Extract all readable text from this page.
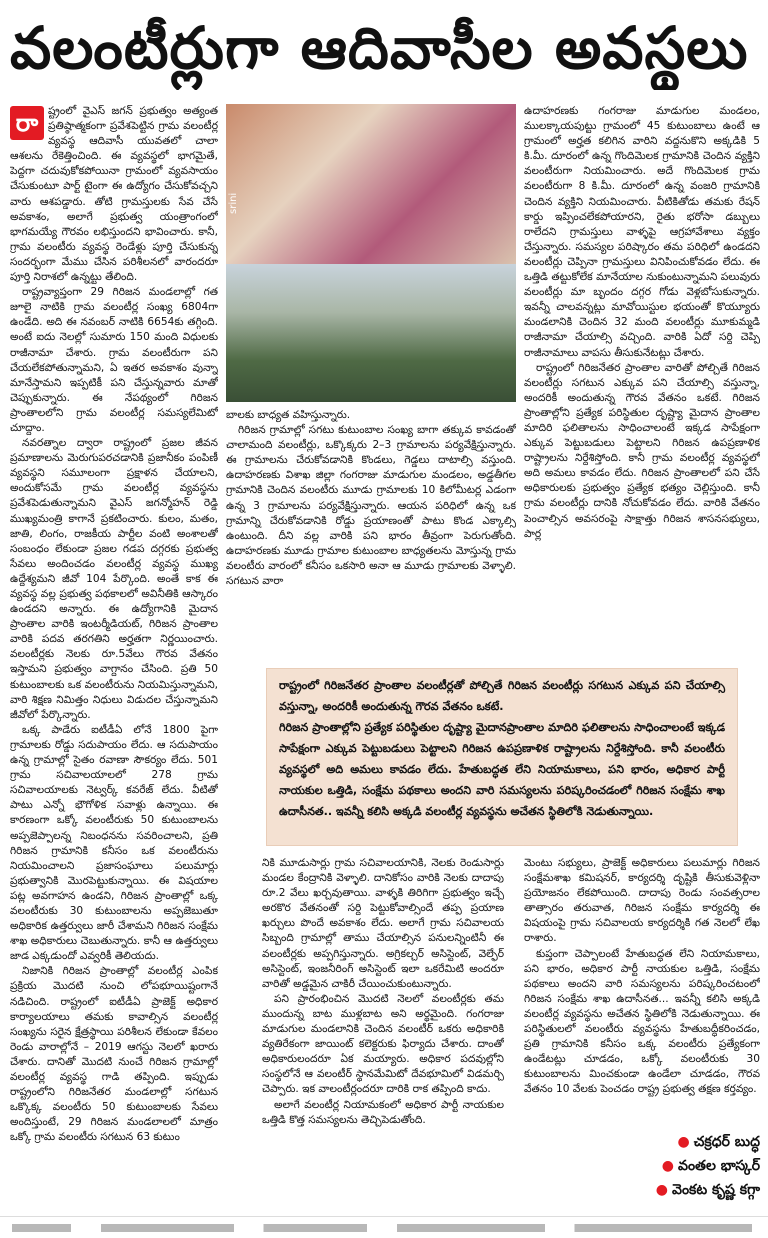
వలంటీర్లుగా ఆదివాసీల అవస్థలు
రా ష్ట్రంలో వైఎస్ జగన్ ప్రభుత్వం అత్యంత ప్రతిష్ఠాత్మకంగా ప్రవేశపెట్టిన గ్రామ వలంటీర్ల వ్యవస్థ ఆదివాసీ యువతలో చాలా ఆశలను రేకెత్తించింది. ఈ వ్యవస్థలో భాగమైతే, పెద్దగా చదువుకోకపోయినా గ్రామంలో వ్యవసాయం చేసుకుంటూ పార్ట్ టైంగా ఈ ఉద్యోగం చేసుకోవచ్చని వారు ఆశపడ్డారు. తోటి గ్రామస్తులకు సేవ చేసే అవకాశం, అలాగే ప్రభుత్వ యంత్రాంగంలో భాగమయ్యే గౌరవం లభిస్తుందని భావించారు. కానీ, గ్రామ వలంటీరు వ్యవస్థ రెండేళ్లు పూర్తి చేసుకున్న సందర్భంగా మేము చేసిన పరిశీలనలో వారందరూ పూర్తి నిరాశలో ఉన్నట్టు తేలింది.

రాష్ట్రవ్యాప్తంగా 29 గిరిజన మండలాల్లో గత జూలై నాటికి గ్రామ వలంటీర్ల సంఖ్య 6804గా ఉండేది. అది ఈ నవంబర్ నాటికి 6654కు తగ్గింది. అంటే ఐదు నెలల్లో సుమారు 150 మంది విధులకు రాజీనామా చేశారు. గ్రామ వలంటీరుగా పని చేయలేకపోతున్నామని, ఏ ఇతర అవకాశం వున్నా మానేస్తామని ఇప్పటికీ పని చేస్తున్నవారు మాతో చెప్పుకున్నారు. ఈ నేపథ్యంలో గిరిజన ప్రాంతాలలోని గ్రామ వలంటీర్ల సమస్యలేమిటో చూద్దాం.

నవరత్నాల ద్వారా రాష్ట్రంలో ప్రజల జీవన ప్రమాణాలను మెరుగుపరచడానికి ప్రజానీకం పంపిణీ వ్యవస్థని సమూలంగా ప్రక్షాళన చేయాలని, అందుకోసమే గ్రామ వలంటీర్ల వ్యవస్థను ప్రవేశపెడుతున్నామని వైఎస్ జగన్మోహన్ రెడ్డి ముఖ్యమంత్రి కాగానే ప్రకటించారు. కులం, మతం, జాతి, లింగం, రాజకీయ పార్టీల వంటి అంశాలతో సంబంధం లేకుండా ప్రజల గడప దగ్గరకు ప్రభుత్వ సేవలు అందించడం వలంటీర్ల వ్యవస్థ ముఖ్య ఉద్దేశ్యమని జీవో 104 పేర్కొంది. అంతే కాక ఈ వ్యవస్థ వల్ల ప్రభుత్వ పథకాలలో అవినీతికి ఆస్కారం ఉండదని అన్నారు. ఈ ఉద్యోగానికి మైదాన ప్రాంతాల వారికి ఇంటర్మీడియట్, గిరిజన ప్రాంతాల వారికి పదవ తరగతిని అర్హతగా నిర్ణయించారు. వలంటీర్లకు నెలకు రూ.5వేలు గౌరవ వేతనం ఇస్తామని ప్రభుత్వం వాగ్దానం చేసింది. ప్రతి 50 కుటుంబాలకు ఒక వలంటీరును నియమిస్తున్నామని, వారి శిక్షణ నిమిత్తం నిధులు విడుదల చేస్తున్నామని జీవోలో పేర్కొన్నారు.

ఒక్క పాడేరు ఐటీడీఏ లోనే 1800 పైగా గ్రామాలకు రోడ్డు సదుపాయం లేదు. ఆ సదుపాయం ఉన్న గ్రామాల్లో సైతం రవాణా సౌకర్యం లేదు. 501 గ్రామ సచివాలయాలలో 278 గ్రామ సచివాలయాలకు నెట్వర్క్ కవరేజ్ లేదు. వీటితో పాటు ఎన్నో భౌగోళిక సవాళ్లు ఉన్నాయి. ఈ కారణంగా ఒక్కో వలంటీరుకు 50 కుటుంబాలను అప్పజెప్పాలన్న నిబంధనను సవరించాలని, ప్రతి గిరిజన గ్రామానికి కనీసం ఒక వలంటీరును నియమించాలని ప్రజాసంఘాలు పలుమార్లు ప్రభుత్వానికి మొరపెట్టుకున్నాయి. ఈ విషయాల పట్ల అవగాహన ఉండని, గిరిజన ప్రాంతాల్లో ఒక్క వలంటీరుకు 30 కుటుంబాలను అప్పజెబుతూ అధికారిక ఉత్తర్వులు జారీ చేశామని గిరిజన సంక్షేమ శాఖ అధికారులు చెబుతున్నారు. కానీ ఆ ఉత్తర్వులు జాడ ఎక్కడుందో ఎవ్వరికీ తెలియదు.

నిజానికి గిరిజన ప్రాంతాల్లో వలంటీర్ల ఎంపిక ప్రక్రియ మొదటి నుంచి లోపభూయిష్టంగానే నడిచింది. రాష్ట్రంలో ఐటీడీఏ ప్రాజెక్ట్ అధికార కార్యాలయాలు తమకు కావాల్సిన వలంటీర్ల సంఖ్యను సరైన క్షేత్రస్థాయి పరిశీలన లేకుండా కేవలం రెండు వారాల్లోనే – 2019 ఆగస్టు నెలలో ఖరారు చేశారు. దానితో మొదటి నుంచే గిరిజన గ్రామాల్లో వలంటీర్ల వ్యవస్థ గాడి తప్పింది. ఇప్పుడు రాష్ట్రంలోని గిరిజనేతర మండలాల్లో సగటున ఒక్కొక్క వలంటీరు 50 కుటుంబాలకు సేవలు అందిస్తుంటే, 29 గిరిజన మండలాలలో మాత్రం ఒక్కో గ్రామ వలంటీరు సగటున 63 కుటుం

srini

బాలకు బాధ్యత వహిస్తున్నారు.

గిరిజన గ్రామాల్లో సగటు కుటుంబాల సంఖ్య బాగా తక్కువ కావడంతో చాలామంది వలంటీర్లు, ఒక్కొక్కరు 2–3 గ్రామాలను పర్యవేక్షిస్తున్నారు. ఈ గ్రామాలను చేరుకోవడానికి కొండలు, గెడ్డలు దాటాల్సి వస్తుంది. ఉదాహరణకు విశాఖ జిల్లా గంగరాజు మాడుగుల మండలం, అడ్డతీగల గ్రామానికి చెందిన వలంటీరు మూడు గ్రామాలకు 10 కిలోమీటర్ల ఎడంగా ఉన్న 3 గ్రామాలను పర్యవేక్షిస్తున్నారు. ఆయన పరిధిలో ఉన్న ఒక గ్రామాన్ని చేరుకోవడానికి రోడ్డు ప్రయాణంతో పాటు కొండ ఎక్కాల్సి ఉంటుంది. దీని వల్ల వారికి పని భారం తీవ్రంగా పెరుగుతోంది. ఉదాహరణకు మూడు గ్రామాల కుటుంబాల బాధ్యతలను మోస్తున్న గ్రామ వలంటీరు వారంలో కనీసం ఒకసారి అనా ఆ మూడు గ్రామాలకు వెళ్ళాలి. సగటున వారా

ఉదాహరణకు గంగరాజు మాడుగుల మండలం, ములక్కాయపుట్టు గ్రామంలో 45 కుటుంబాలు ఉంటే ఆ గ్రామంలో అర్హత కలిగిన వారిని వద్దనుకొని అక్కడికి 5 కి.మీ. దూరంలో ఉన్న గొందిమెలక గ్రామానికి చెందిన వ్యక్తిని వలంటీరుగా నియమించారు. అదే గొందిమెలక గ్రామ వలంటీరుగా 8 కి.మీ. దూరంలో ఉన్న వంజరి గ్రామానికి చెందిన వ్యక్తిని నియమించారు. వీటికితోడు తమకు రేషన్ కార్డు ఇప్పించలేకపోయారని, రైతు భరోసా డబ్బులు రాలేదని గ్రామస్తులు వాళ్ళపై ఆగ్రహావేశాలు వ్యక్తం చేస్తున్నారు. సమస్యల పరిష్కారం తమ పరిధిలో ఉండదని వలంటీర్లు చెప్పినా గ్రామస్తులు వినిపించుకోవడం లేదు. ఈ ఒత్తిడి తట్టుకోలేక మానేయాల నుకుంటున్నామని పలువురు వలంటీర్లు మా బృందం దగ్గర గోడు వెళ్లబోసుకున్నారు. ఇవన్నీ చాలవన్నట్లు మావోయిస్టుల భయంతో కొయ్యూరు మండలానికి చెందిన 32 మంది వలంటీర్లు మూకుమ్మడి రాజీనామా చేయాల్సి వచ్చింది. వారికి ఏదో సర్ది చెప్పి రాజీనామాలు వాపసు తీసుకునేటట్లు చేశారు.

రాష్ట్రంలో గిరిజనేతర ప్రాంతాల వారితో పోల్చితే గిరిజన వలంటీర్లు సగటున ఎక్కువ పని చేయాల్సి వస్తున్నా, అందరికీ అందుతున్న గౌరవ వేతనం ఒకటే. గిరిజన ప్రాంతాల్లోని ప్రత్యేక పరిస్థితుల దృష్ట్యా మైదాన ప్రాంతాల మాదిరి ఫలితాలను సాధించాలంటే ఇక్కడ సాపేక్షంగా ఎక్కువ పెట్టుబడులు పెట్టాలని గిరిజన ఉపప్రణాళిక రాష్ట్రాలను నిర్దేశిస్తోంది. కానీ గ్రామ వలంటీర్ల వ్యవస్థలో అది అమలు కావడం లేదు. గిరిజన ప్రాంతాలలో పని చేసే అధికారులకు ప్రభుత్వం ప్రత్యేక భత్యం చెల్లిస్తుంది. కానీ గ్రామ వలంటీర్లు దానికి నోచుకోవడం లేదు. వారికి వేతనం పెంచాల్సిన అవసరంపై సాక్షాత్తు గిరిజన శాసనసభ్యులు, పార్ల

రాష్ట్రంలో గిరిజనేతర ప్రాంతాల వలంటీర్లతో పోల్చితే గిరిజన వలంటీర్లు సగటున ఎక్కువ పని చేయాల్సి వస్తున్నా, అందరికీ అందుతున్న గౌరవ వేతనం ఒకటే.

గిరిజన ప్రాంతాల్లోని ప్రత్యేక పరిస్థితుల దృష్ట్యా మైదానప్రాంతాల మాదిరి ఫలితాలను సాధించాలంటే ఇక్కడ సాపేక్షంగా ఎక్కువ పెట్టుబడులు పెట్టాలని గిరిజన ఉపప్రణాళిక రాష్ట్రాలను నిర్దేశిస్తోంది. కానీ వలంటీరు వ్యవస్థలో అది అమలు కావడం లేదు. హేతుబద్ధత లేని నియామకాలు, పని భారం, అధికార పార్టీ నాయకుల ఒత్తిడి, సంక్షేమ పథకాలు అందని వారి సమస్యలను పరిష్కరించడంలో గిరిజన సంక్షేమ శాఖ ఉదాసీనత.. ఇవన్నీ కలిసి అక్కడి వలంటీర్ల వ్యవస్థను అచేతన స్థితిలోకి నెడుతున్నాయి.

నికి మూడుసార్లు గ్రామ సచివాలయానికి, నెలకు రెండుసార్లు మండల కేంద్రానికి వెళ్ళాలి. దానికోసం వారికి నెలకు దాదాపు రూ.2 వేలు ఖర్చవుతాయి. వాళ్ళకి తిరిగిగా ప్రభుత్వం ఇచ్చే అరకొర వేతనంతో సర్ది పెట్టుకోవాల్సిందే తప్ప ప్రయాణ ఖర్చులు పొందే అవకాశం లేదు. అలాగే గ్రామ సచివాలయ సిబ్బంది గ్రామాల్లో తాము చేయాల్సిన పనులన్నింటినీ ఈ వలంటీర్లకు అప్పగిస్తున్నారు. అగ్రికల్చర్ అసిస్టెంట్, వెల్ఫేర్ అసిస్టెంట్, ఇంజనీరింగ్ అసిస్టెంట్ ఇలా ఒకరేమిటి అందరూ వారితో అడ్డమైన చాకిరీ చేయించుకుంటున్నారు.

పని ప్రారంభించిన మొదటి నెలలో వలంటీర్లకు తమ ముందున్న బాట ముళ్లబాట అని అర్థమైంది. గంగరాజు మాడుగుల మండలానికి చెందిన వలంటీర్ ఒకరు అధికారికి వ్యతిరేకంగా జాయింట్ కలెక్టరుకు ఫిర్యాదు చేశారు. దాంతో అధికారులందరూ ఏక మయ్యారు. అధికార పదవుల్లోని సంస్థలోనే ఆ వలంటీర్ స్థానమేమిటో దేవభూమిలో విడమర్చి చెప్పారు. ఇక వాలంటీర్లందరూ దారికి రాక తప్పింది కాదు.

అలాగే వలంటీర్ల నియామకంలో అధికార పార్టీ నాయకుల ఒత్తిడి కొత్త సమస్యలను తెచ్చిపెడుతోంది.

మెంటు సభ్యులు, ప్రాజెక్ట్ అధికారులు పలుమార్లు గిరిజన సంక్షేమశాఖ కమిషనర్, కార్యదర్శి దృష్టికి తీసుకువెళ్లినా ప్రయోజనం లేకపోయింది. దాదాపు రెండు సంవత్సరాల తాత్సారం తరువాత, గిరిజన సంక్షేమ కార్యదర్శి ఈ విషయంపై గ్రామ సచివాలయ కార్యదర్శికి గత నెలలో లేఖ రాశారు.

కుప్తంగా చెప్పాలంటే హేతుబద్ధత లేని నియామకాలు, పని భారం, అధికార పార్టీ నాయకుల ఒత్తిడి, సంక్షేమ పథకాలు అందని వారి సమస్యలను పరిష్కరించటంలో గిరిజన సంక్షేమ శాఖ ఉదాసీనత... ఇవన్నీ కలిసి అక్కడి వలంటీర్ల వ్యవస్థను అచేతన స్థితిలోకి నెడుతున్నాయి. ఈ పరిస్థితులలో వలంటీరు వ్యవస్థను హేతుబద్ధీకరించడం, ప్రతి గ్రామానికి కనీసం ఒక్క వలంటీరు ప్రత్యేకంగా ఉండేటట్లు చూడడం, ఒక్కో వలంటీరుకు 30 కుటుంబాలను మించకుండా ఉండేలా చూడడం, గౌరవ వేతనం 10 వేలకు పెంచడం రాష్ట్ర ప్రభుత్వ తక్షణ కర్తవ్యం.

● చక్రధర్ బుద్ధ
● వంతల భాస్కర్
● వెంకట కృష్ణ కగ్గా
